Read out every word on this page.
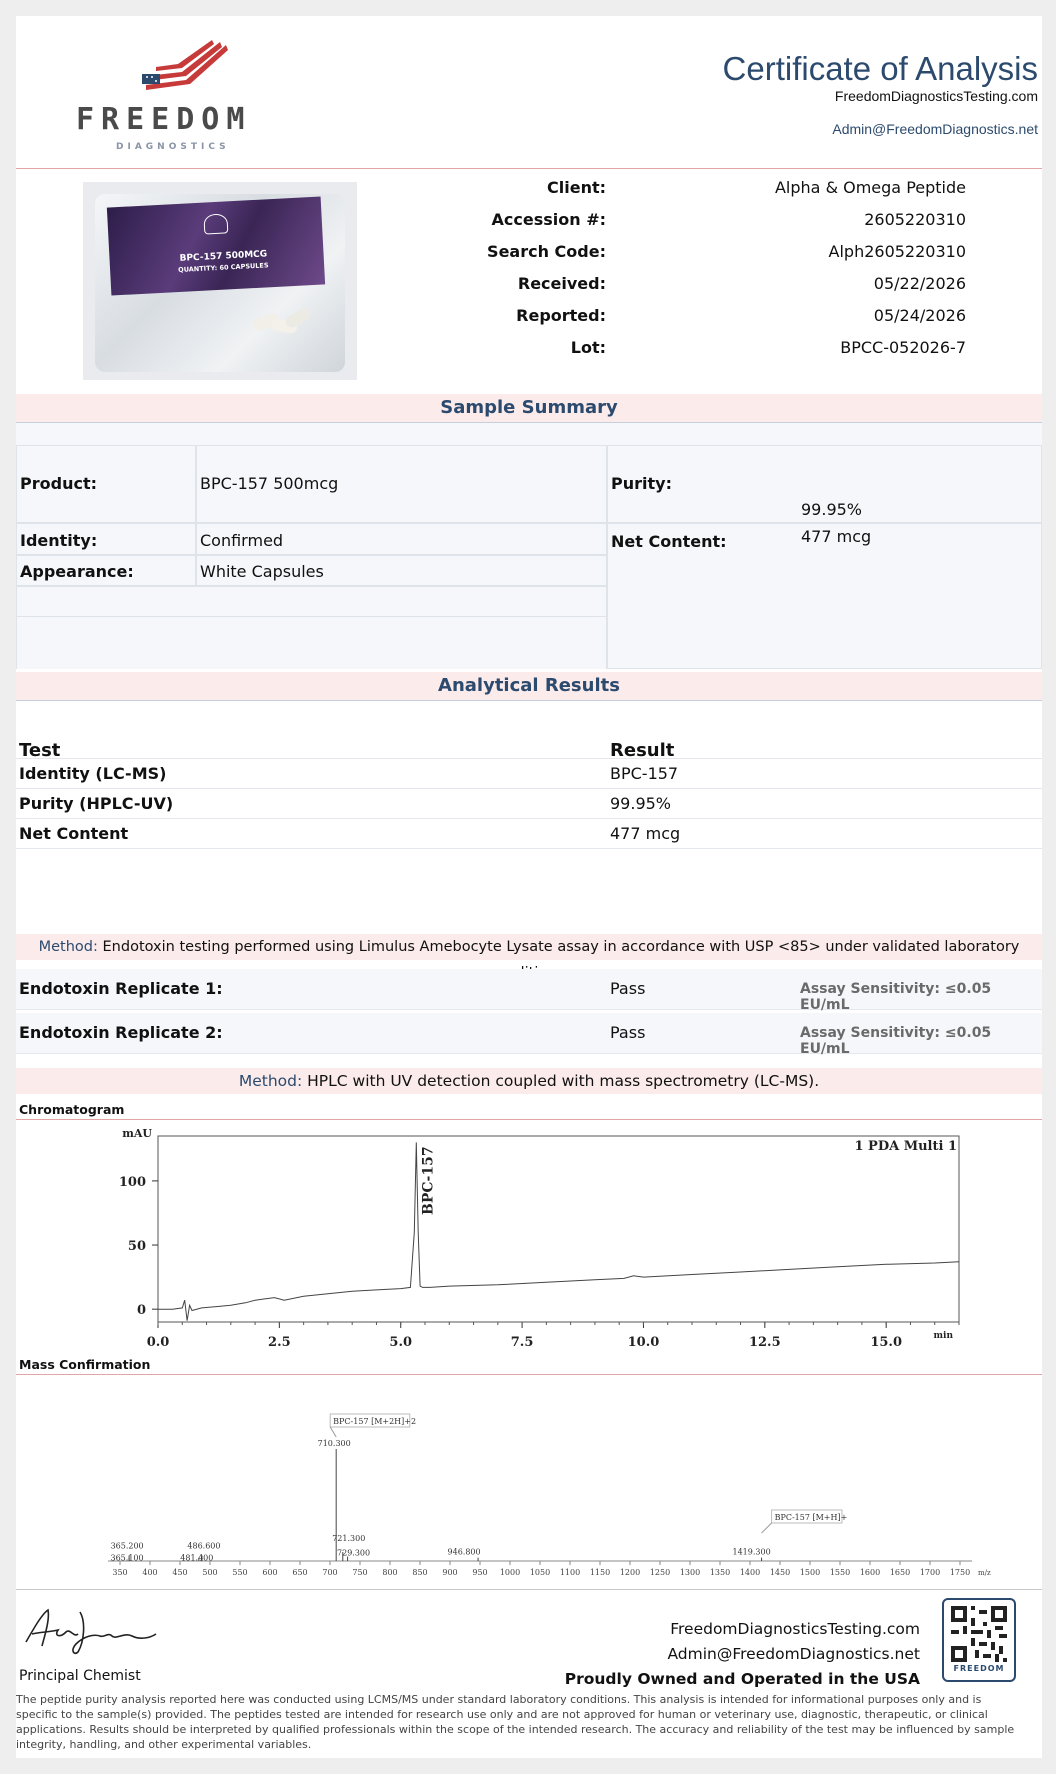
FREEDOM
DIAGNOSTICS
Certificate of Analysis
FreedomDiagnosticsTesting.com
Admin@FreedomDiagnostics.net
BPC-157 500MCG
QUANTITY: 60 CAPSULES
Client:	Alpha & Omega Peptide
Accession #:	2605220310
Search Code:	Alph2605220310
Received:	05/22/2026
Reported:	05/24/2026
Lot:	BPCC-052026-7
Sample Summary
Product:	BPC-157 500mcg
Identity:	Confirmed
Appearance:	White Capsules
Purity:
99.95%
Net Content:	477 mcg
Analytical Results
Test	Result
Identity (LC-MS)	BPC-157
Purity (HPLC-UV)	99.95%
Net Content	477 mcg
Method: Endotoxin testing performed using Limulus Amebocyte Lysate assay in accordance with USP <85> under validated laboratory
Endotoxin Replicate 1:	Pass	Assay Sensitivity: ≤0.05 EU/mL
Endotoxin Replicate 2:	Pass	Assay Sensitivity: ≤0.05 EU/mL
Method: HPLC with UV detection coupled with mass spectrometry (LC-MS).
Chromatogram
0.0	2.5	5.0	7.5	10.0	12.5	15.0
0
50
100
mAU
min
1 PDA Multi 1
BPC-157
Mass Confirmation
350 400 450 500 550 600 650 700 750 800 850 900 950 1000 1050 1100 1150 1200 1250 1300 1350 1400 1450 1500 1550 1600 1650 1700 1750 m/z
365.100
365.200
481.400
486.600
710.300
721.300
729.300	946.800	1419.300
BPC-157 [M+2H]+2
BPC-157 [M+H]+
Principal Chemist
FreedomDiagnosticsTesting.com
Admin@FreedomDiagnostics.net
Proudly Owned and Operated in the USA
FREEDOM
The peptide purity analysis reported here was conducted using LCMS/MS under standard laboratory conditions. This analysis is intended for informational purposes only and is specific to the sample(s) provided. The peptides tested are intended for research use only and are not approved for human or veterinary use, diagnostic, therapeutic, or clinical applications. Results should be interpreted by qualified professionals within the scope of the intended research. The accuracy and reliability of the test may be influenced by sample integrity, handling, and other experimental variables.
